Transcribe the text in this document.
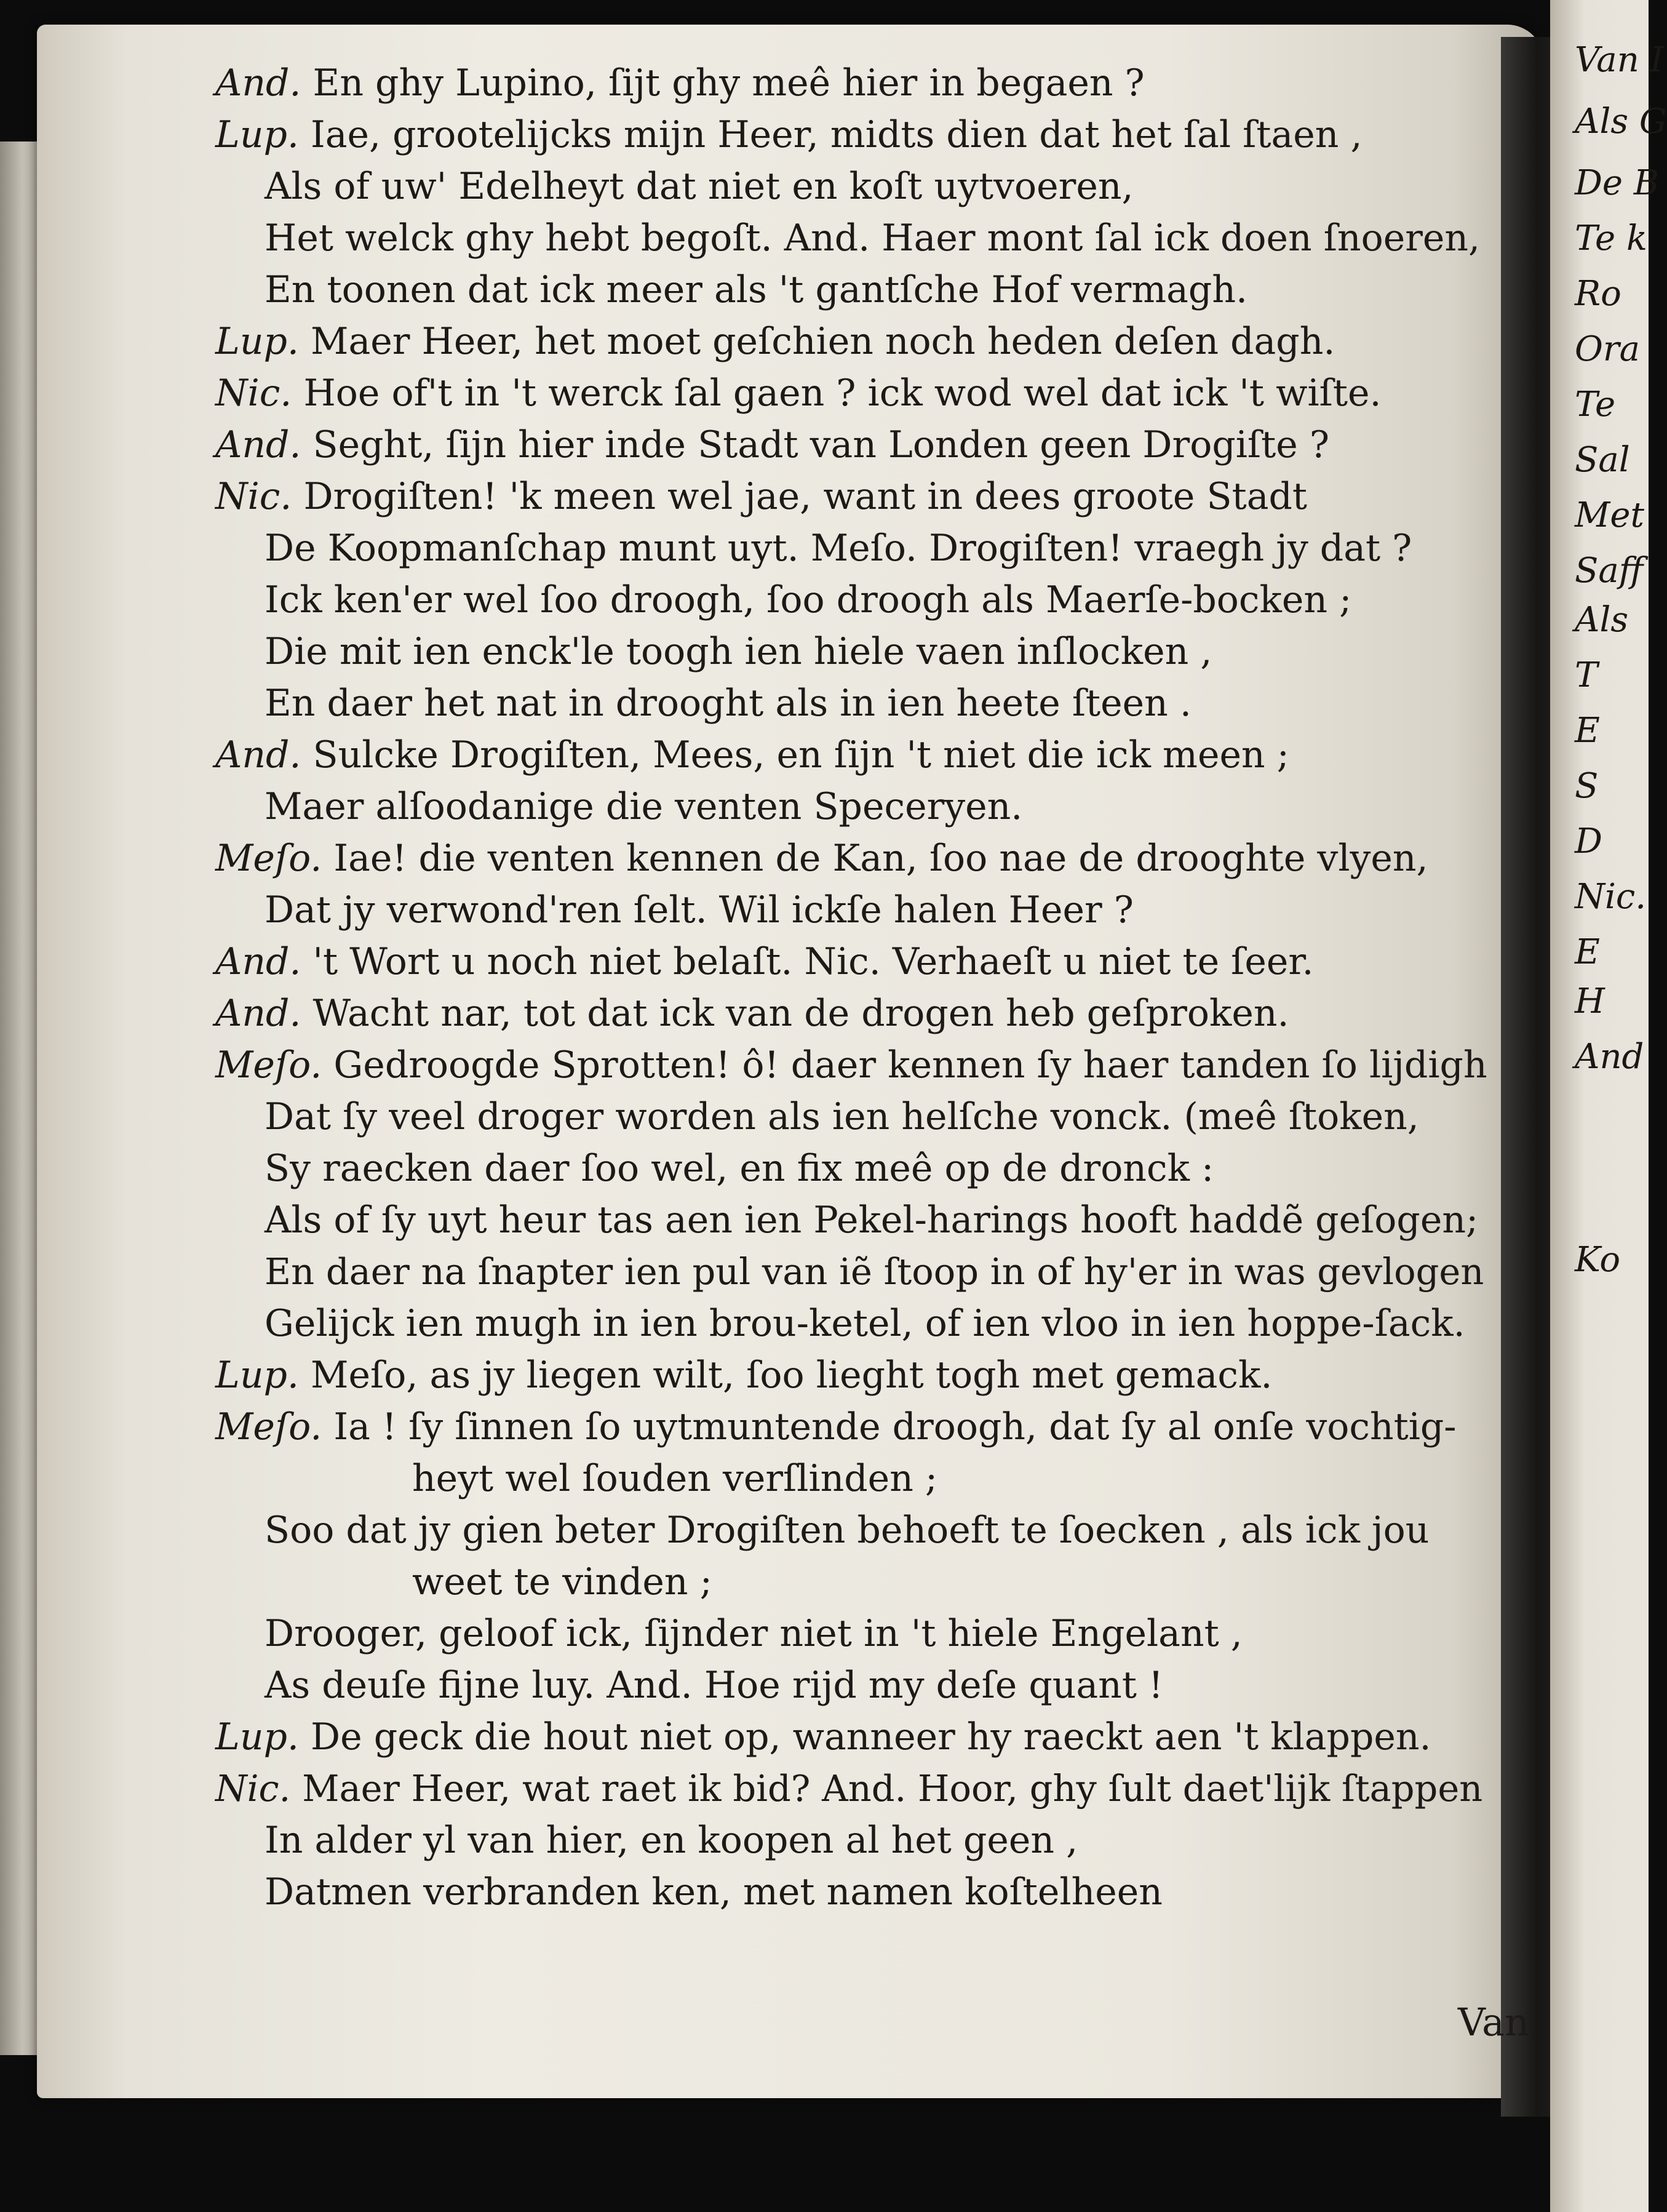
Van I
Als G
De B
Te k
Ro
Ora
Te
Sal
Met
Saff
Als
T
E
S
D
Nic.
E
H
And
Ko
And. En ghy Lupino, ſijt ghy meê hier in begaen ?
Lup. Iae, grootelijcks mijn Heer, midts dien dat het ſal ſtaen ,
Als of uw' Edelheyt dat niet en koſt uytvoeren,
Het welck ghy hebt begoſt. And. Haer mont ſal ick doen ſnoeren,
En toonen dat ick meer als 't gantſche Hof vermagh.
Lup. Maer Heer, het moet geſchien noch heden deſen dagh.
Nic. Hoe of't in 't werck ſal gaen ? ick wod wel dat ick 't wiſte.
And. Seght, ſijn hier inde Stadt van Londen geen Drogiſte ?
Nic. Drogiſten! 'k meen wel jae, want in dees groote Stadt
De Koopmanſchap munt uyt. Meſo. Drogiſten! vraegh jy dat ?
Ick ken'er wel ſoo droogh, ſoo droogh als Maerſe-bocken ;
Die mit ien enck'le toogh ien hiele vaen inſlocken ,
En daer het nat in drooght als in ien heete ſteen .
And. Sulcke Drogiſten, Mees, en ſijn 't niet die ick meen ;
Maer alſoodanige die venten Speceryen.
Meſo. Iae! die venten kennen de Kan, ſoo nae de drooghte vlyen,
Dat jy verwond'ren ſelt. Wil ickſe halen Heer ?
And. 't Wort u noch niet belaſt. Nic. Verhaeſt u niet te ſeer.
And. Wacht nar, tot dat ick van de drogen heb geſproken.
Meſo. Gedroogde Sprotten! ô! daer kennen ſy haer tanden ſo lijdigh
Dat ſy veel droger worden als ien helſche vonck. (meê ſtoken,
Sy raecken daer ſoo wel, en fix meê op de dronck :
Als of ſy uyt heur tas aen ien Pekel-harings hooft haddẽ geſogen;
En daer na ſnapter ien pul van iẽ ſtoop in of hy'er in was gevlogen
Gelijck ien mugh in ien brou-ketel, of ien vloo in ien hoppe-ſack.
Lup. Meſo, as jy liegen wilt, ſoo lieght togh met gemack.
Meſo. Ia ! ſy ſinnen ſo uytmuntende droogh, dat ſy al onſe vochtig-
heyt wel ſouden verſlinden ;
Soo dat jy gien beter Drogiſten behoeft te ſoecken , als ick jou
weet te vinden ;
Drooger, geloof ick, ſijnder niet in 't hiele Engelant ,
As deuſe fijne luy. And. Hoe rijd my deſe quant !
Lup. De geck die hout niet op, wanneer hy raeckt aen 't klappen.
Nic. Maer Heer, wat raet ik bid? And. Hoor, ghy ſult daet'lijk ſtappen
In alder yl van hier, en koopen al het geen ,
Datmen verbranden ken, met namen koſtelheen
Van
